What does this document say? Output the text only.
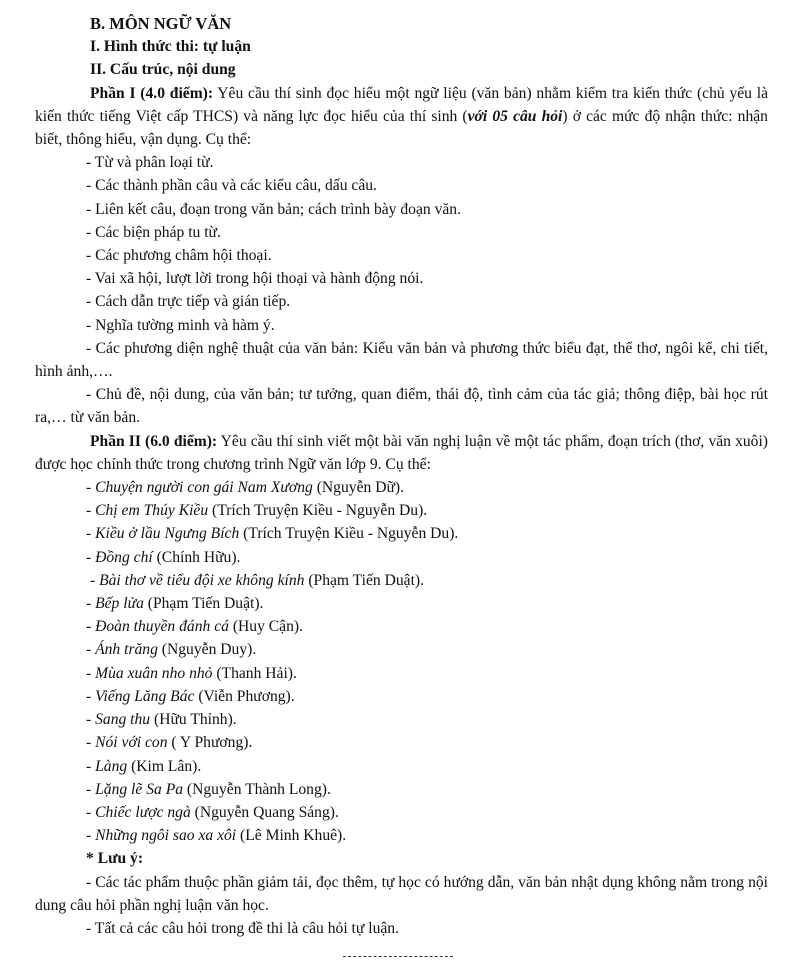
B. MÔN NGỮ VĂN
I. Hình thức thi: tự luận
II. Cấu trúc, nội dung
Phần I (4.0 điểm): Yêu cầu thí sinh đọc hiểu một ngữ liệu (văn bản) nhằm kiểm tra kiến thức (chủ yếu là kiến thức tiếng Việt cấp THCS) và năng lực đọc hiểu của thí sinh (với 05 câu hỏi) ở các mức độ nhận thức: nhận biết, thông hiểu, vận dụng. Cụ thể:
- Từ và phân loại từ.
- Các thành phần câu và các kiểu câu, dấu câu.
- Liên kết câu, đoạn trong văn bản; cách trình bày đoạn văn.
- Các biện pháp tu từ.
- Các phương châm hội thoại.
- Vai xã hội, lượt lời trong hội thoại và hành động nói.
- Cách dẫn trực tiếp và gián tiếp.
- Nghĩa tường minh và hàm ý.
- Các phương diện nghệ thuật của văn bản: Kiểu văn bản và phương thức biểu đạt, thể thơ, ngôi kể, chi tiết, hình ảnh,….
- Chủ đề, nội dung, của văn bản; tư tưởng, quan điểm, thái độ, tình cảm của tác giả; thông điệp, bài học rút ra,… từ văn bản.
Phần II (6.0 điểm): Yêu cầu thí sinh viết một bài văn nghị luận về một tác phẩm, đoạn trích (thơ, văn xuôi) được học chính thức trong chương trình Ngữ văn lớp 9. Cụ thể:
- Chuyện người con gái Nam Xương (Nguyễn Dữ).
- Chị em Thúy Kiều (Trích Truyện Kiều - Nguyễn Du).
- Kiều ở lầu Ngưng Bích (Trích Truyện Kiều - Nguyễn Du).
- Đồng chí (Chính Hữu).
- Bài thơ về tiểu đội xe không kính (Phạm Tiến Duật).
- Bếp lửa (Phạm Tiến Duật).
- Đoàn thuyền đánh cá (Huy Cận).
- Ánh trăng (Nguyễn Duy).
- Mùa xuân nho nhỏ (Thanh Hải).
- Viếng Lăng Bác (Viễn Phương).
- Sang thu (Hữu Thỉnh).
- Nói với con ( Y Phương).
- Làng (Kim Lân).
- Lặng lẽ Sa Pa (Nguyễn Thành Long).
- Chiếc lược ngà (Nguyễn Quang Sáng).
- Những ngôi sao xa xôi (Lê Minh Khuê).
* Lưu ý:
- Các tác phẩm thuộc phần giảm tải, đọc thêm, tự học có hướng dẫn, văn bản nhật dụng không nằm trong nội dung câu hỏi phần nghị luận văn học.
- Tất cả các câu hỏi trong đề thi là câu hỏi tự luận.
